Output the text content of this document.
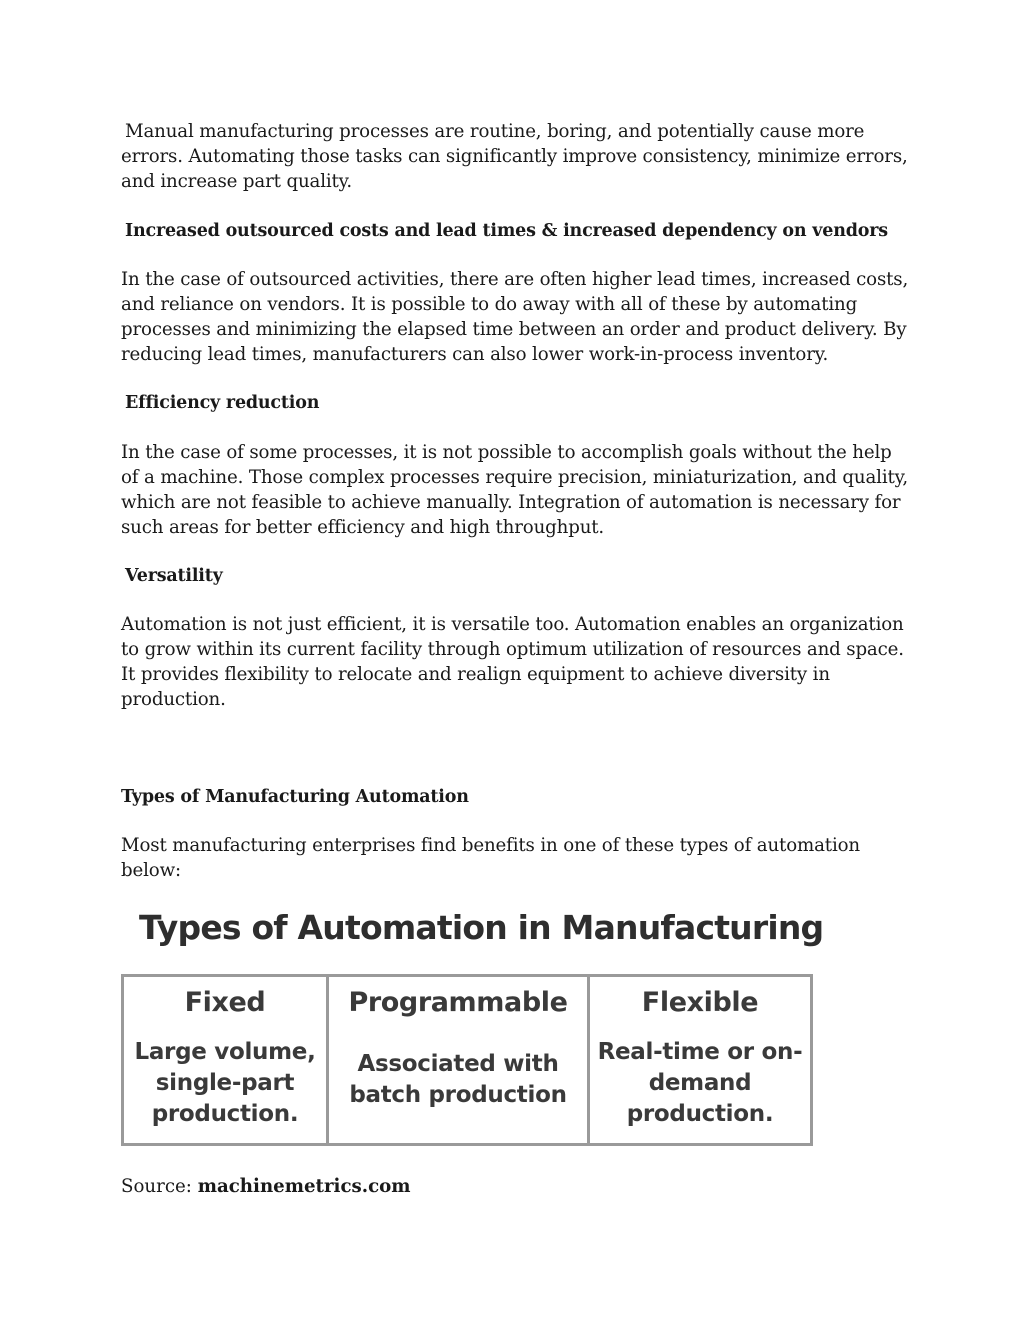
Manual manufacturing processes are routine, boring, and potentially cause more errors. Automating those tasks can significantly improve consistency, minimize errors, and increase part quality.

Increased outsourced costs and lead times & increased dependency on vendors

In the case of outsourced activities, there are often higher lead times, increased costs, and reliance on vendors. It is possible to do away with all of these by automating processes and minimizing the elapsed time between an order and product delivery. By reducing lead times, manufacturers can also lower work-in-process inventory.

Efficiency reduction

In the case of some processes, it is not possible to accomplish goals without the help of a machine. Those complex processes require precision, miniaturization, and quality, which are not feasible to achieve manually. Integration of automation is necessary for such areas for better efficiency and high throughput.

Versatility

Automation is not just efficient, it is versatile too. Automation enables an organization to grow within its current facility through optimum utilization of resources and space. It provides flexibility to relocate and realign equipment to achieve diversity in production.

Types of Manufacturing Automation

Most manufacturing enterprises find benefits in one of these types of automation below:

Types of Automation in Manufacturing
Fixed
Large volume,
single-part
production.
Programmable
Associated with
batch production
Flexible
Real-time or on-
demand
production.

Source: machinemetrics.com
